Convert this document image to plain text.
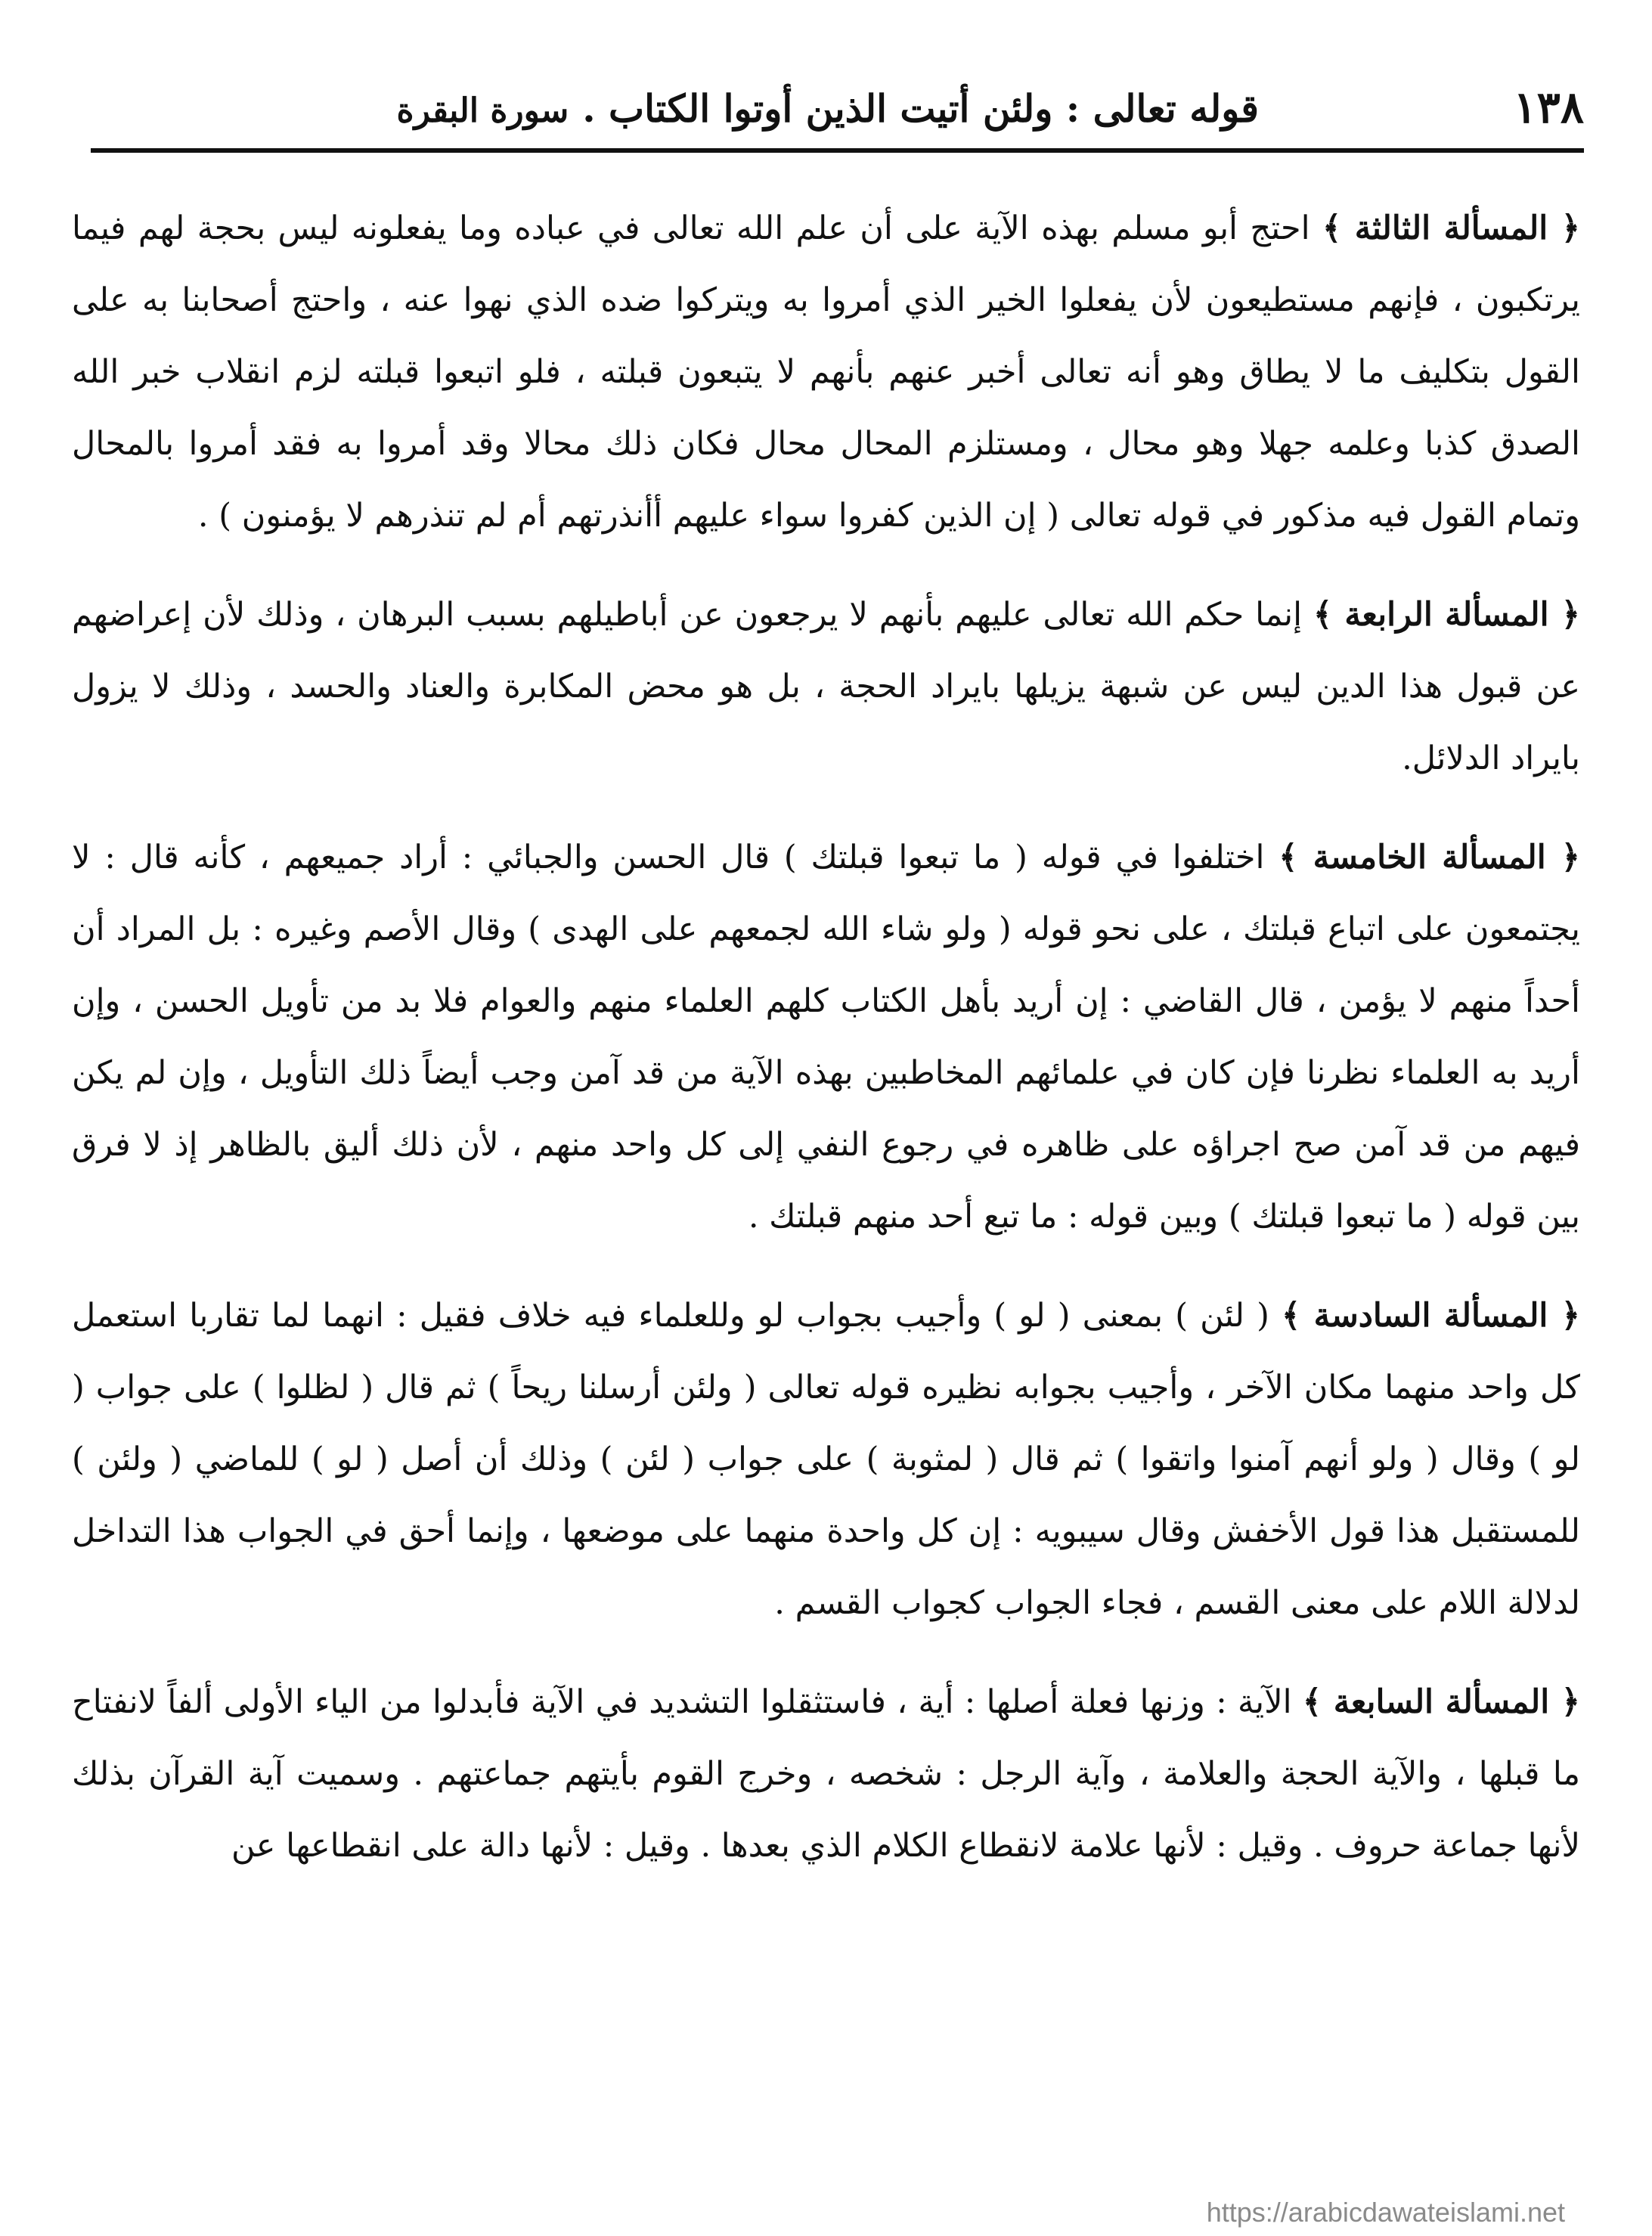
١٣٨
قوله تعالى : ولئن أتيت الذين أوتوا الكتاب .سورة البقرة

﴿ المسألة الثالثة ﴾ احتج أبو مسلم بهذه الآية على أن علم الله تعالى في عباده وما يفعلونه ليس بحجة لهم فيما يرتكبون ، فإنهم مستطيعون لأن يفعلوا الخير الذي أمروا به ويتركوا ضده الذي نهوا عنه ، واحتج أصحابنا به على القول بتكليف ما لا يطاق وهو أنه تعالى أخبر عنهم بأنهم لا يتبعون قبلته ، فلو اتبعوا قبلته لزم انقلاب خبر الله الصدق كذبا وعلمه جهلا وهو محال ، ومستلزم المحال محال فكان ذلك محالا وقد أمروا به فقد أمروا بالمحال وتمام القول فيه مذكور في قوله تعالى ( إن الذين كفروا سواء عليهم أأنذرتهم أم لم تنذرهم لا يؤمنون ) .

﴿ المسألة الرابعة ﴾ إنما حكم الله تعالى عليهم بأنهم لا يرجعون عن أباطيلهم بسبب البرهان ، وذلك لأن إعراضهم عن قبول هذا الدين ليس عن شبهة يزيلها بايراد الحجة ، بل هو محض المكابرة والعناد والحسد ، وذلك لا يزول بايراد الدلائل.

﴿ المسألة الخامسة ﴾ اختلفوا في قوله ( ما تبعوا قبلتك ) قال الحسن والجبائي : أراد جميعهم ، كأنه قال : لا يجتمعون على اتباع قبلتك ، على نحو قوله ( ولو شاء الله لجمعهم على الهدى ) وقال الأصم وغيره : بل المراد أن أحداً منهم لا يؤمن ، قال القاضي : إن أريد بأهل الكتاب كلهم العلماء منهم والعوام فلا بد من تأويل الحسن ، وإن أريد به العلماء نظرنا فإن كان في علمائهم المخاطبين بهذه الآية من قد آمن وجب أيضاً ذلك التأويل ، وإن لم يكن فيهم من قد آمن صح اجراؤه على ظاهره في رجوع النفي إلى كل واحد منهم ، لأن ذلك أليق بالظاهر إذ لا فرق بين قوله ( ما تبعوا قبلتك ) وبين قوله : ما تبع أحد منهم قبلتك .

﴿ المسألة السادسة ﴾ ( لئن ) بمعنى ( لو ) وأجيب بجواب لو وللعلماء فيه خلاف فقيل : انهما لما تقاربا استعمل كل واحد منهما مكان الآخر ، وأجيب بجوابه نظيره قوله تعالى ( ولئن أرسلنا ريحاً ) ثم قال ( لظلوا ) على جواب ( لو ) وقال ( ولو أنهم آمنوا واتقوا ) ثم قال ( لمثوبة ) على جواب ( لئن ) وذلك أن أصل ( لو ) للماضي ( ولئن ) للمستقبل هذا قول الأخفش وقال سيبويه : إن كل واحدة منهما على موضعها ، وإنما أحق في الجواب هذا التداخل لدلالة اللام على معنى القسم ، فجاء الجواب كجواب القسم .

﴿ المسألة السابعة ﴾ الآية : وزنها فعلة أصلها : أية ، فاستثقلوا التشديد في الآية فأبدلوا من الياء الأولى ألفاً لانفتاح ما قبلها ، والآية الحجة والعلامة ، وآية الرجل : شخصه ، وخرج القوم بأيتهم جماعتهم . وسميت آية القرآن بذلك لأنها جماعة حروف . وقيل : لأنها علامة لانقطاع الكلام الذي بعدها . وقيل : لأنها دالة على انقطاعها عن

https://arabicdawateislami.net
